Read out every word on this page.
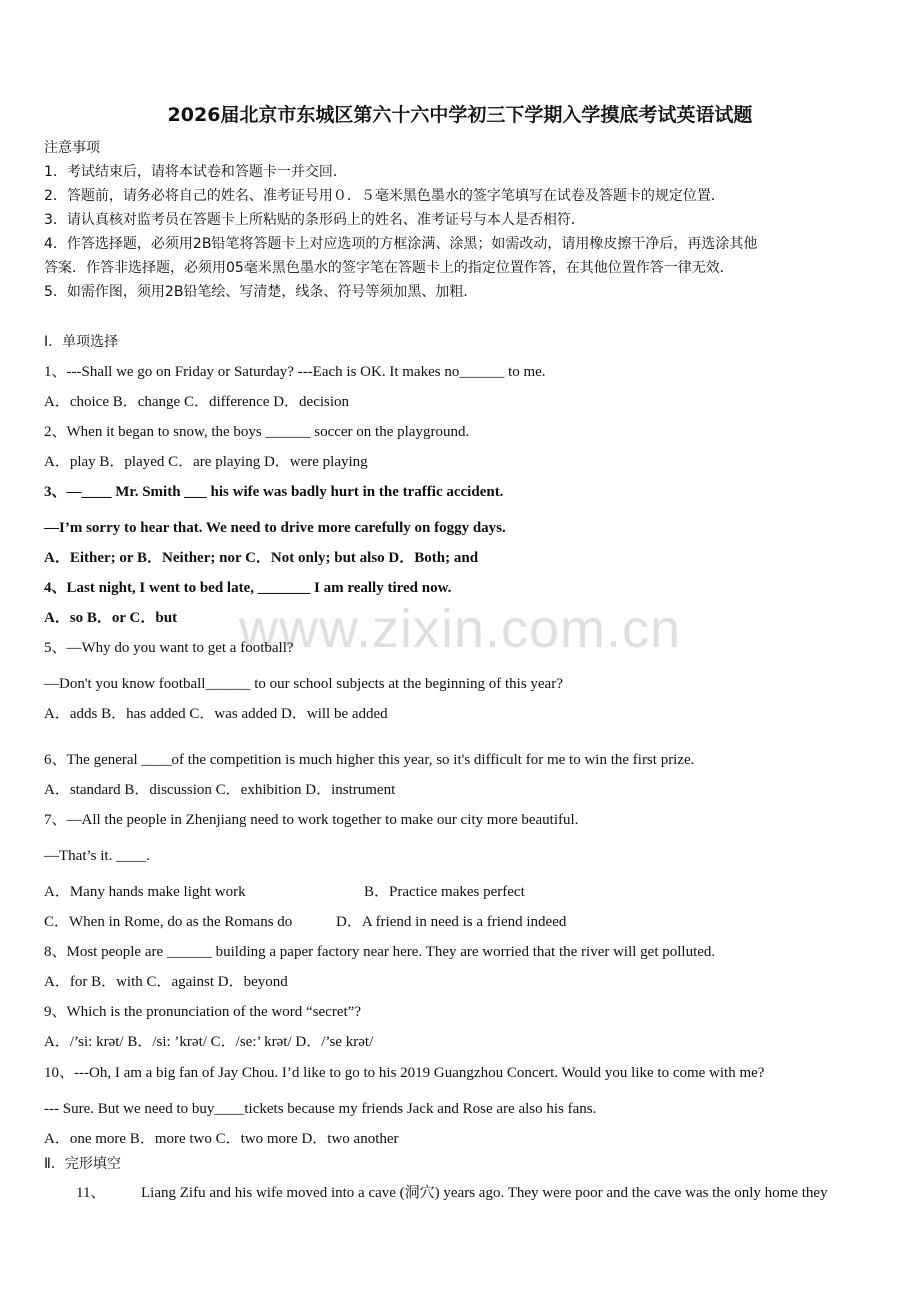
2026届北京市东城区第六十六中学初三下学期入学摸底考试英语试题
注意事项
1．考试结束后，请将本试卷和答题卡一并交回．
2．答题前，请务必将自己的姓名、准考证号用０．５毫米黑色墨水的签字笔填写在试卷及答题卡的规定位置．
3．请认真核对监考员在答题卡上所粘贴的条形码上的姓名、准考证号与本人是否相符．
4．作答选择题，必须用2B铅笔将答题卡上对应选项的方框涂满、涂黑；如需改动，请用橡皮擦干净后，再选涂其他
答案．作答非选择题，必须用05毫米黑色墨水的签字笔在答题卡上的指定位置作答，在其他位置作答一律无效．
5．如需作图，须用2B铅笔绘、写清楚，线条、符号等须加黑、加粗．
Ⅰ．单项选择
1、---Shall we go on Friday or Saturday? ---Each is OK. It makes no______ to me.
A．choice B．change C．difference D．decision
2、When it began to snow, the boys ______ soccer on the playground.
A．play B．played C．are playing D．were playing
3、—____ Mr. Smith ___ his wife was badly hurt in the traffic accident.
—I’m sorry to hear that. We need to drive more carefully on foggy days.
A．Either; or B．Neither; nor C．Not only; but also D．Both; and
4、Last night, I went to bed late, _______ I am really tired now.
A．so B．or C．but
5、—Why do you want to get a football?
—Don't you know football______ to our school subjects at the beginning of this year?
A．adds B．has added C．was added D．will be added
6、The general ____of the competition is much higher this year, so it's difficult for me to win the first prize.
A．standard B．discussion C．exhibition D．instrument
7、—All the people in Zhenjiang need to work together to make our city more beautiful.
—That’s it. ____.
A．Many hands make light work	B．Practice makes perfect
C．When in Rome, do as the Romans do	D．A friend in need is a friend indeed
8、Most people are ______ building a paper factory near here. They are worried that the river will get polluted.
A．for B．with C．against D．beyond
9、Which is the pronunciation of the word “secret”?
A．/’si: krət/ B．/si: ’krət/ C．/se:’ krət/ D．/’se krət/
10、---Oh, I am a big fan of Jay Chou. I’d like to go to his 2019 Guangzhou Concert. Would you like to come with me?
--- Sure. But we need to buy____tickets because my friends Jack and Rose are also his fans.
A．one more B．more two C．two more D．two another
Ⅱ．完形填空
11、 Liang Zifu and his wife moved into a cave (洞穴) years ago. They were poor and the cave was the only home they
www.zixin.com.cn
